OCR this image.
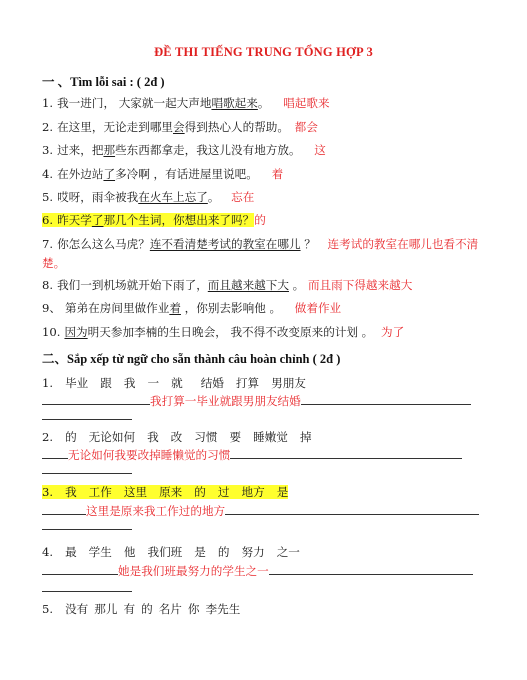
ĐỀ THI TIẾNG TRUNG TỔNG HỢP 3
一 、Tìm lỗi sai : ( 2đ )
1. 我一进门， 大家就一起大声地唱歌起来。 唱起歌来
2. 在这里，无论走到哪里会得到热心人的帮助。 都会
3. 过来，把那些东西都拿走，我这儿没有地方放。 这
4. 在外边站了多冷啊 ，有话进屋里说吧。 着
5. 哎呀，雨伞被我在火车上忘了。 忘在
6. 昨天学了那几个生词，你想出来了吗？的
7. 你怎么这么马虎？连不看清楚考试的教室在哪儿 ？ 连考试的教室在哪儿也看不清楚。
8. 我们一到机场就开始下雨了，而且越来越下大 。 而且雨下得越来越大
9、 第弟在房间里做作业着 ，你别去影响他 。 做着作业
10. 因为明天参加李楠的生日晚会， 我不得不改变原来的计划 。 为了
二、Sắp xếp từ ngữ cho sẵn thành câu hoàn chỉnh ( 2đ )
1. 毕业 跟 我 一 就 结婚 打算 男朋友
我打算一毕业就跟男朋友结婚
2. 的 无论如何 我 改 习惯 要 睡嫩觉 掉
无论如何我要改掉睡懒觉的习惯
3. 我 工作 这里 原来 的 过 地方 是
这里是原来我工作过的地方
4. 最 学生 他 我们班 是 的 努力 之一
她是我们班最努力的学生之一
5. 没有 那儿 有 的 名片 你 李先生
